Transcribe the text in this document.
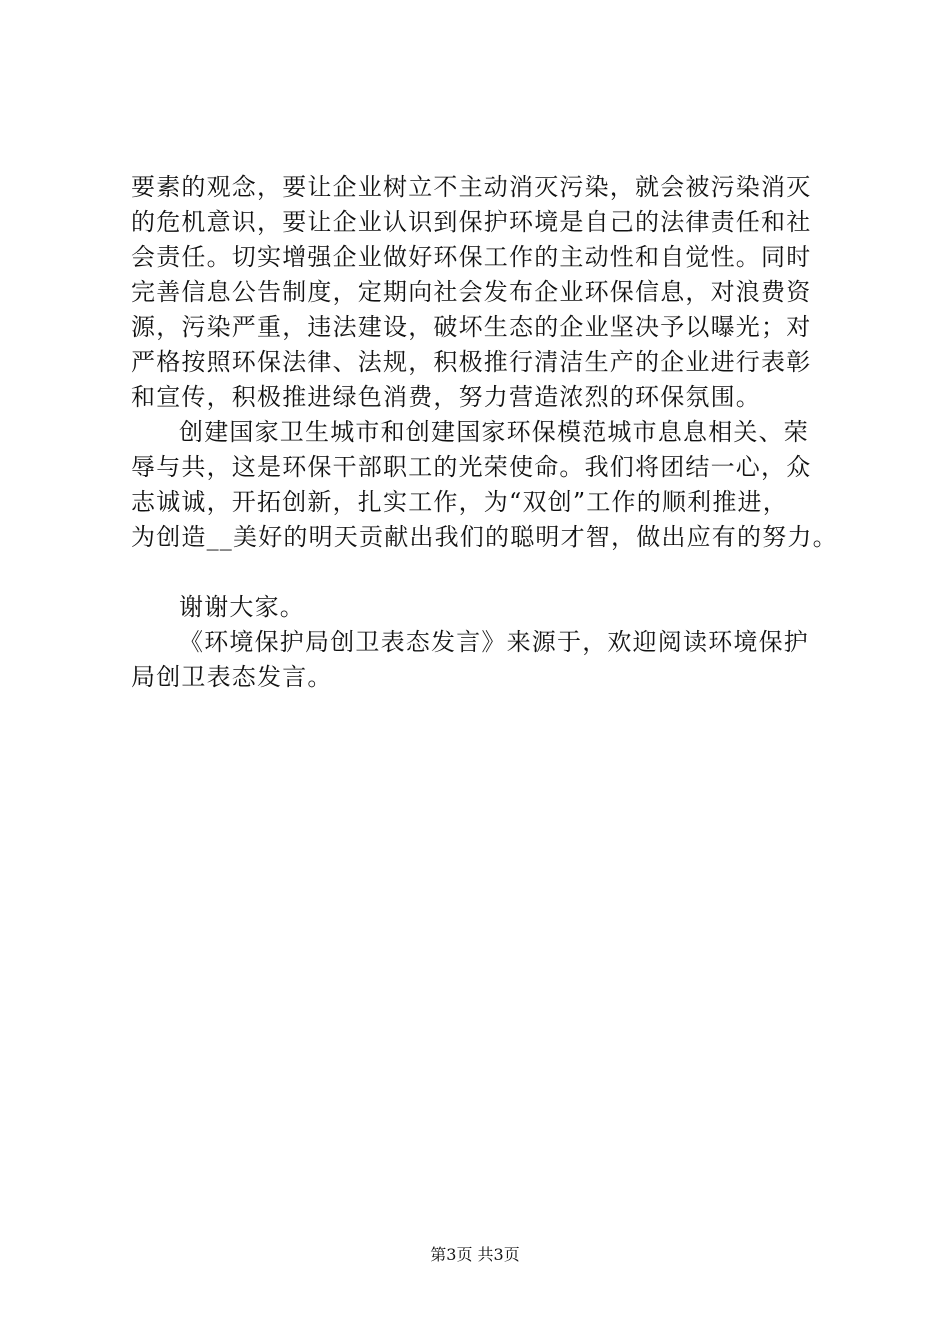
要素的观念，要让企业树立不主动消灭污染，就会被污染消灭
的危机意识，要让企业认识到保护环境是自己的法律责任和社
会责任。切实增强企业做好环保工作的主动性和自觉性。同时
完善信息公告制度，定期向社会发布企业环保信息，对浪费资
源，污染严重，违法建设，破坏生态的企业坚决予以曝光；对
严格按照环保法律、法规，积极推行清洁生产的企业进行表彰
和宣传，积极推进绿色消费，努力营造浓烈的环保氛围。
创建国家卫生城市和创建国家环保模范城市息息相关、荣
辱与共，这是环保干部职工的光荣使命。我们将团结一心，众
志诚诚，开拓创新，扎实工作，为“双创”工作的顺利推进，
为创造__美好的明天贡献出我们的聪明才智，做出应有的努力。
谢谢大家。
《环境保护局创卫表态发言》来源于，欢迎阅读环境保护
局创卫表态发言。
第3页 共3页
